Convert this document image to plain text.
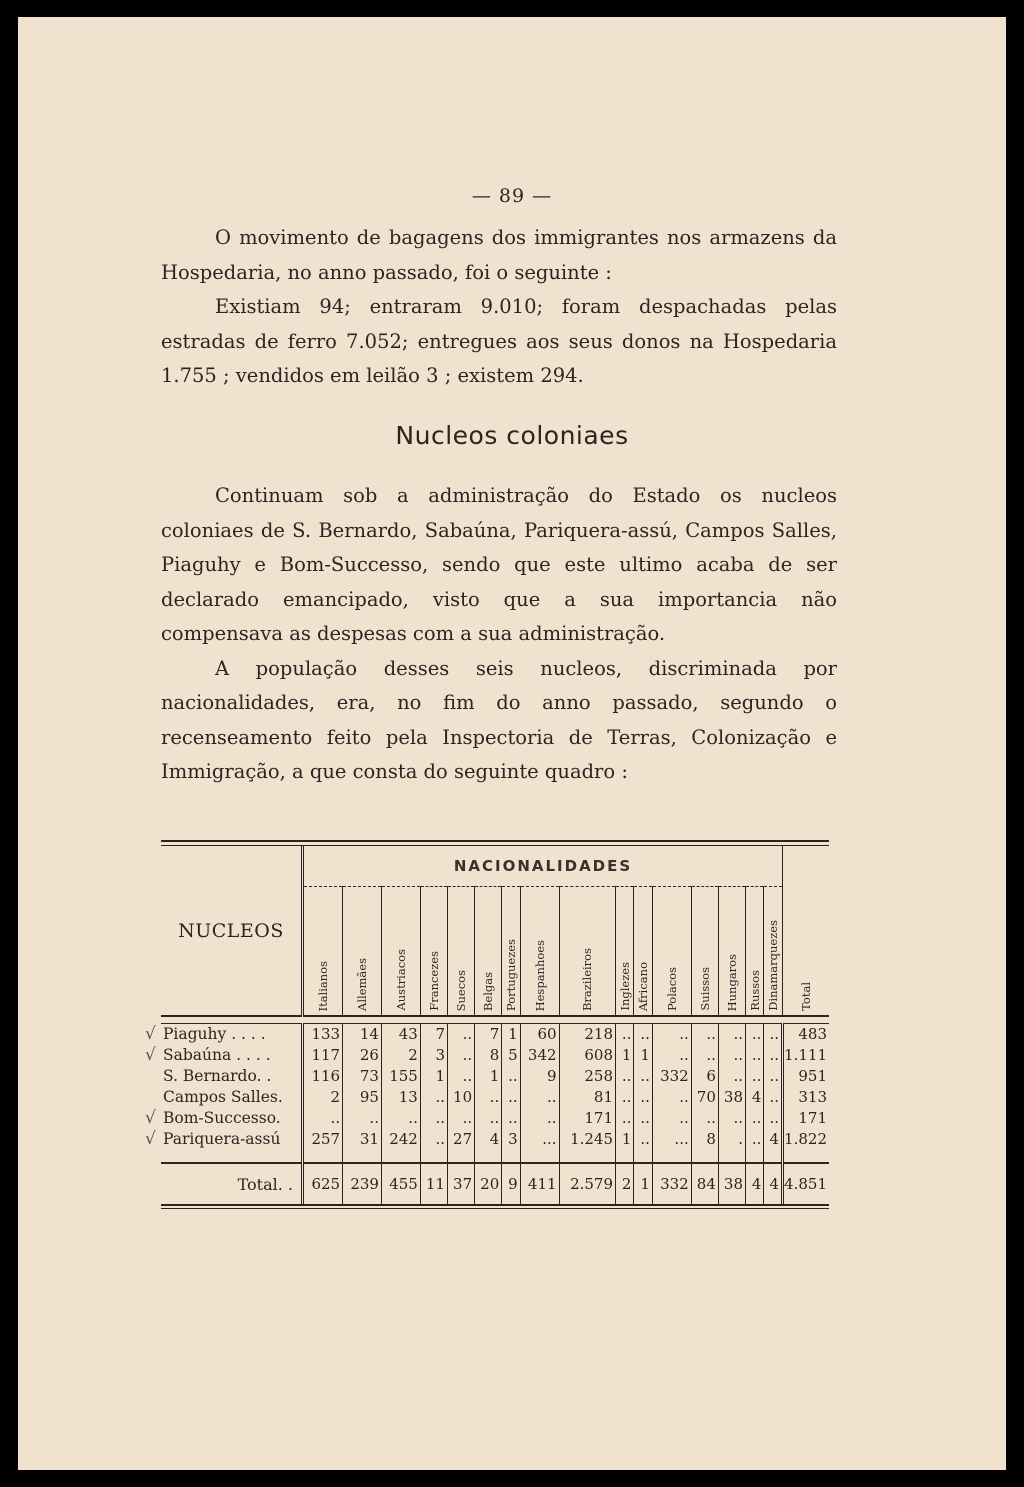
— 89 —

O movimento de bagagens dos immigrantes nos armazens da Hospedaria, no anno passado, foi o seguinte :

Existiam 94; entraram 9.010; foram despachadas pelas estradas de ferro 7.052; entregues aos seus donos na Hospedaria 1.755 ; vendidos em leilão 3 ; existem 294.

Nucleos coloniaes

Continuam sob a administração do Estado os nucleos coloniaes de S. Bernardo, Sabaúna, Pariquera-assú, Campos Salles, Piaguhy e Bom-Successo, sendo que este ultimo acaba de ser declarado emancipado, visto que a sua importancia não compensava as despesas com a sua administração.

A população desses seis nucleos, discriminada por nacionalidades, era, no fim do anno passado, segundo o recenseamento feito pela Inspectoria de Terras, Colonização e Immigração, a que consta do seguinte quadro :

NUCLEOS	NACIONALIDADES																Total
	Italianos	Allemães	Austriacos	Francezes	Suecos	Belgas	Portuguezes	Hespanhoes	Brazileiros	Inglezes	Africano	Polacos	Suissos	Hungaros	Russos	Dinamarquezes	

√ Piaguhy . . . .	133	14	43	7	..	7	1	60	218	..	..	..	..	..	..	..	483

√ Sabaúna . . . .	117	26	2	3	..	8	5	342	608	1	1	..	..	..	..	..	1.111
S. Bernardo. .	116	73	155	1	..	1	..	9	258	..	..	332	6	..	..	..	951
Campos Salles.	2	95	13	..	10	..	..	..	81	..	..	..	70	38	4	..	313

√ Bom-Successo.	..	..	..	..	..	..	..	..	171	..	..	..	..	..	..	..	171

√ Pariquera-assú	257	31	242	..	27	4	3	...	1.245	1	..	...	8	.	..	4	1.822

Total. .	625	239	455	11	37	20	9	411	2.579	2	1	332	84	38	4	4	4.851
